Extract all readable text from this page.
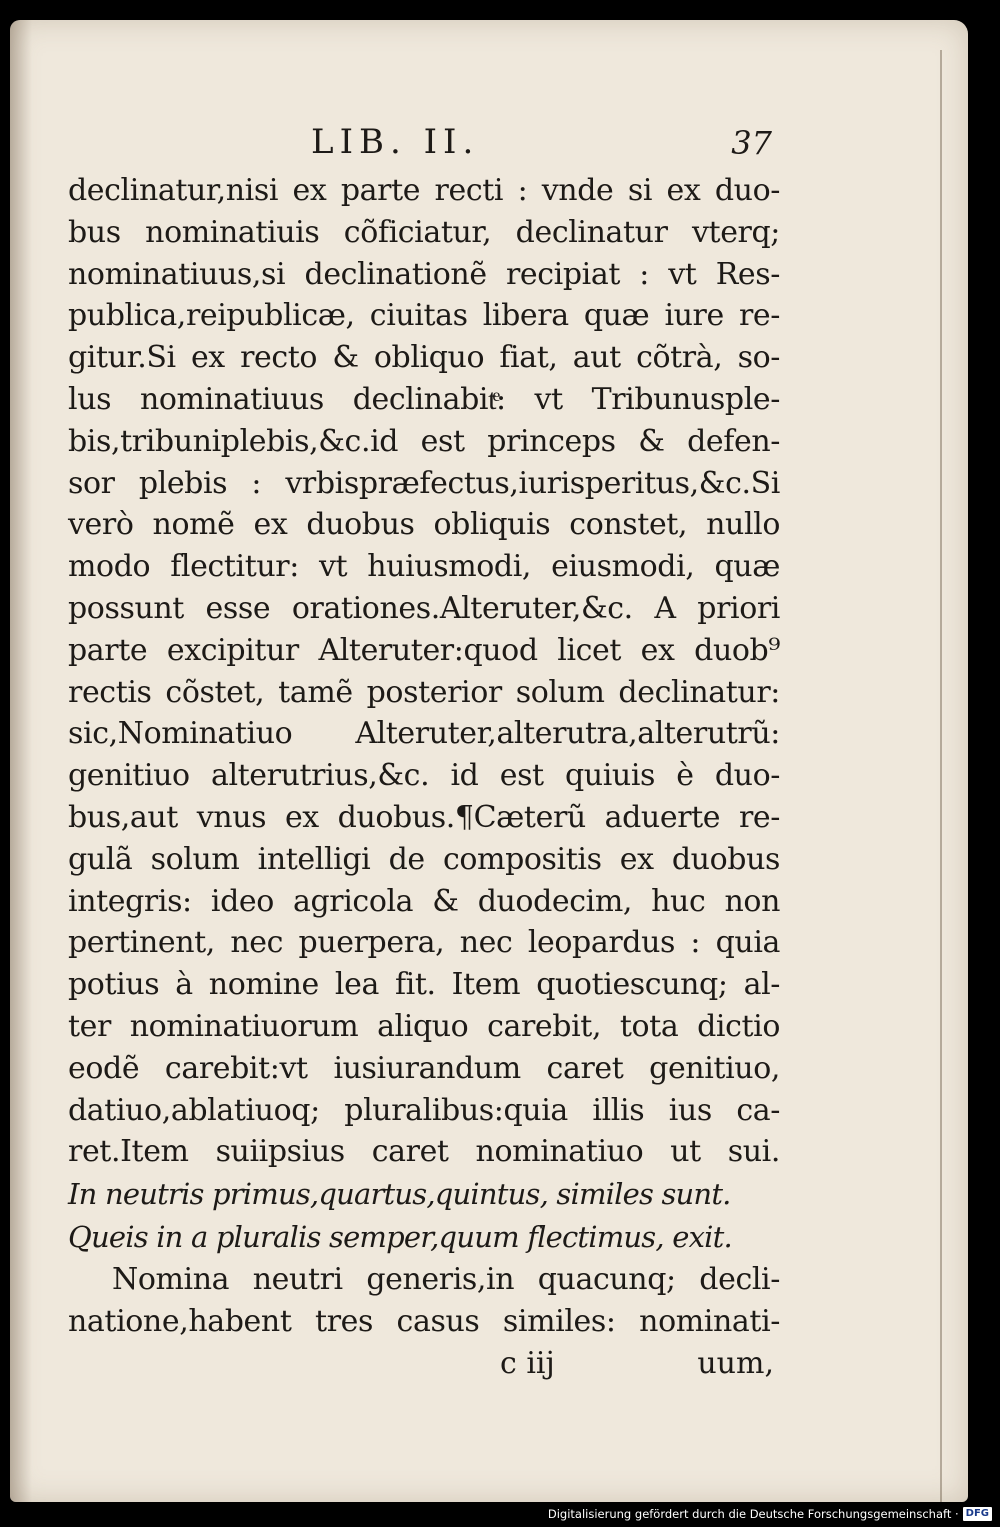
LIB. II.	37
declinatur,nisi ex parte recti : vnde si ex duo-
bus nominatiuis cõficiatur, declinatur vterq;
nominatiuus,si declinationẽ recipiat : vt Res-
publica,reipublicæ, ciuitas libera quæ iure re-
gitur.Si ex recto & obliquo fiat, aut cõtrà, so-
lus nominatiuus declinabitͤ: vt Tribunusple-
bis,tribuniplebis,&c.id est princeps & defen-
sor plebis : vrbispræfectus,iurisperitus,&c.Si
verò nomẽ ex duobus obliquis constet, nullo
modo flectitur: vt huiusmodi, eiusmodi, quæ
possunt esse orationes.Alteruter,&c. A priori
parte excipitur Alteruter:quod licet ex duob⁹
rectis cõstet, tamẽ posterior solum declinatur:
sic,Nominatiuo Alteruter,alterutra,alterutrũ:
genitiuo alterutrius,&c. id est quiuis è duo-
bus,aut vnus ex duobus.¶Cæterũ aduerte re-
gulã solum intelligi de compositis ex duobus
integris: ideo agricola & duodecim, huc non
pertinent, nec puerpera, nec leopardus : quia
potius à nomine lea fit. Item quotiescunq; al-
ter nominatiuorum aliquo carebit, tota dictio
eodẽ carebit:vt iusiurandum caret genitiuo,
datiuo,ablatiuoq; pluralibus:quia illis ius ca-
ret.Item suiipsius caret nominatiuo ut sui.
In neutris primus,quartus,quintus, similes sunt.
Queis in a pluralis semper,quum flectimus, exit.
Nomina neutri generis,in quacunq; decli-
natione,habent tres casus similes: nominati-
c iij	uum,
Digitalisierung gefördert durch die Deutsche Forschungsgemeinschaft · DFG
